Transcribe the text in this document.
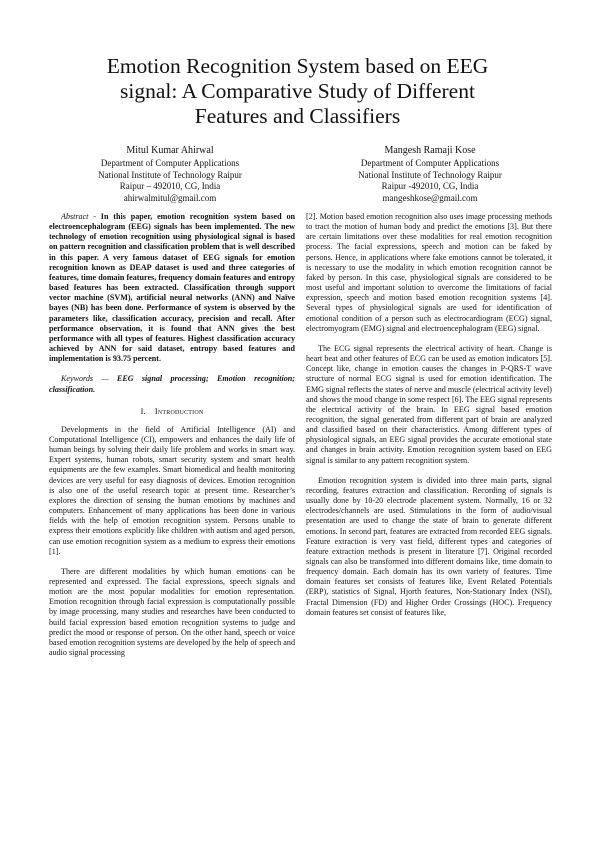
Emotion Recognition System based on EEG
signal: A Comparative Study of Different
Features and Classifiers
Mitul Kumar Ahirwal
Department of Computer Applications
National Institute of Technology Raipur
Raipur – 492010, CG, India
ahirwalmitul@gmail.com
Mangesh Ramaji Kose
Department of Computer Applications
National Institute of Technology Raipur
Raipur -492010, CG, India
mangeshkose@gmail.com

Abstract - In this paper, emotion recognition system based on electroencephalogram (EEG) signals has been implemented. The new technology of emotion recognition using physiological signal is based on pattern recognition and classification problem that is well described in this paper. A very famous dataset of EEG signals for emotion recognition known as DEAP dataset is used and three categories of features, time domain features, frequency domain features and entropy based features has been extracted. Classification through support vector machine (SVM), artificial neural networks (ANN) and Naïve bayes (NB) has been done. Performance of system is observed by the parameters like, classification accuracy, precision and recall. After performance observation, it is found that ANN gives the best performance with all types of features. Highest classification accuracy achieved by ANN for said dataset, entropy based features and implementation is 93.75 percent.

Keywords — EEG signal processing; Emotion recognition; classification.

I. Introduction

Developments in the field of Artificial Intelligence (AI) and Computational Intelligence (CI), empowers and enhances the daily life of human beings by solving their daily life problem and works in smart way. Expert systems, human robots, smart security system and smart health equipments are the few examples. Smart biomedical and health monitoring devices are very useful for easy diagnosis of devices. Emotion recognition is also one of the useful research topic at present time. Researcher’s explores the direction of sensing the human emotions by machines and computers. Enhancement of many applications has been done in various fields with the help of emotion recognition system. Persons unable to express their emotions explicitly like children with autism and aged person, can use emotion recognition system as a medium to express their emotions [1].

There are different modalities by which human emotions can be represented and expressed. The facial expressions, speech signals and motion are the most popular modalities for emotion representation. Emotion recognition through facial expression is computationally possible by image processing, many studies and researches have been conducted to build facial expression based emotion recognition systems to judge and predict the mood or response of person. On the other hand, speech or voice based emotion recognition systems are developed by the help of speech and audio signal processing

[2]. Motion based emotion recognition also uses image processing methods to tract the motion of human body and predict the emotions [3]. But there are certain limitations over these modalities for real emotion recognition process. The facial expressions, speech and motion can be faked by persons. Hence, in applications where fake emotions cannot be tolerated, it is necessary to use the modality in which emotion recognition cannot be faked by person. In this case, physiological signals are considered to be most useful and important solution to overcome the limitations of facial expression, speech and motion based emotion recognition systems [4]. Several types of physiological signals are used for identification of emotional condition of a person such as electrocardiogram (ECG) signal, electromyogram (EMG) signal and electroencephalogram (EEG) signal.

The ECG signal represents the electrical activity of heart. Change is heart beat and other features of ECG can be used as emotion indicators [5]. Concept like, change in emotion causes the changes in P-QRS-T wave structure of normal ECG signal is used for emotion identification. The EMG signal reflects the states of nerve and muscle (electrical activity level) and shows the mood change in some respect [6]. The EEG signal represents the electrical activity of the brain. In EEG signal based emotion recognition, the signal generated from different part of brain are analyzed and classified based on their characteristics. Among different types of physiological signals, an EEG signal provides the accurate emotional state and changes in brain activity. Emotion recognition system based on EEG signal is similar to any pattern recognition system.

Emotion recognition system is divided into three main parts, signal recording, features extraction and classification. Recording of signals is usually done by 10-20 electrode placement system. Normally, 16 or 32 electrodes/channels are used. Stimulations in the form of audio/visual presentation are used to change the state of brain to generate different emotions. In second part, features are extracted from recorded EEG signals. Feature extraction is very vast field, different types and categories of feature extraction methods is present in literature [7]. Original recorded signals can also be transformed into different domains like, time domain to frequency domain. Each domain has its own variety of features. Time domain features set consists of features like, Event Related Potentials (ERP), statistics of Signal, Hjorth features, Non-Stationary Index (NSI), Fractal Dimension (FD) and Higher Order Crossings (HOC). Frequency domain features set consist of features like,
